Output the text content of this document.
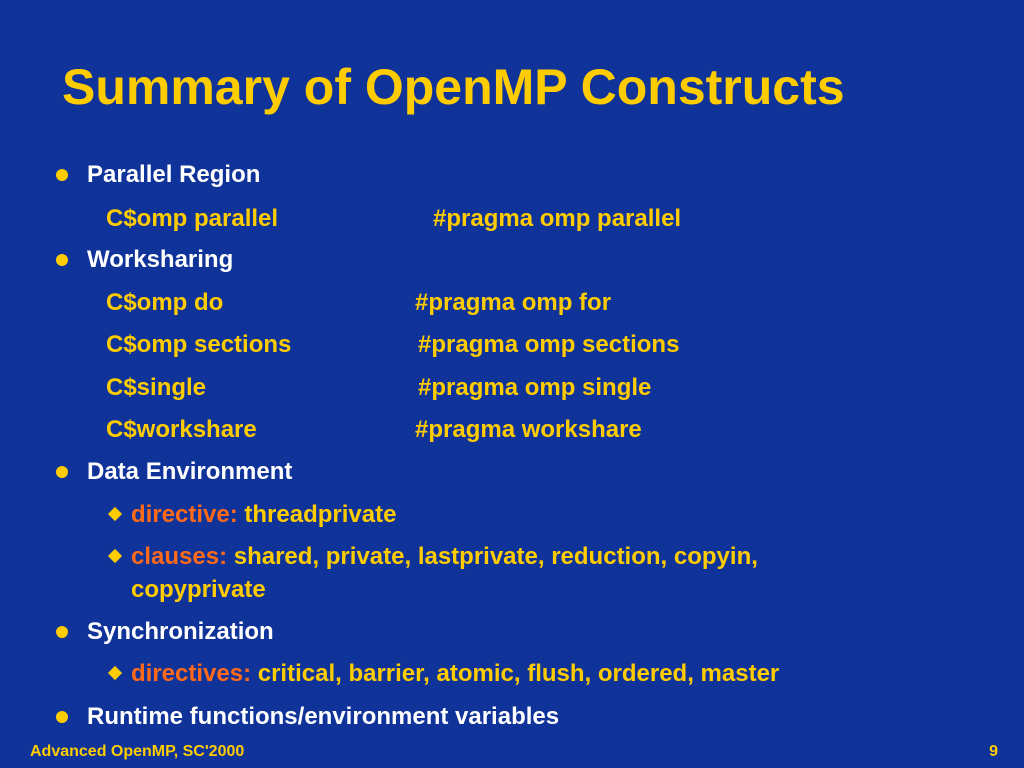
Summary of OpenMP Constructs
Parallel Region
C$omp parallel	#pragma omp parallel
Worksharing
C$omp do	#pragma omp for
C$omp sections	#pragma omp sections
C$single	#pragma omp single
C$workshare	#pragma workshare
Data Environment
directive: threadprivate
clauses: shared, private, lastprivate, reduction, copyin,
copyprivate
Synchronization
directives: critical, barrier, atomic, flush, ordered, master
Runtime functions/environment variables
Advanced OpenMP, SC'2000	9
